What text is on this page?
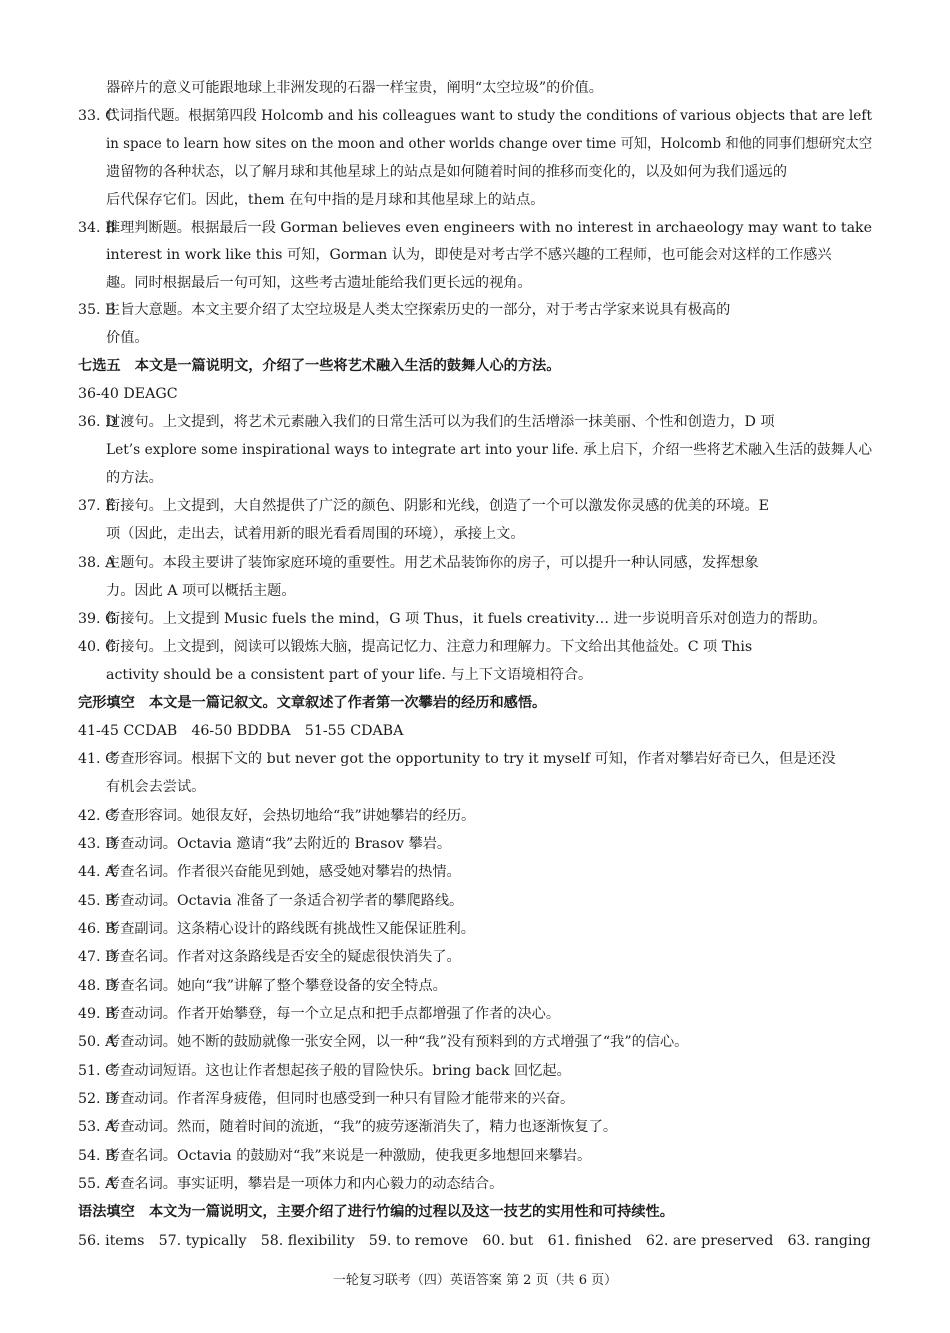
器碎片的意义可能跟地球上非洲发现的石器一样宝贵，阐明“太空垃圾”的价值。
33. C
代词指代题。根据第四段 Holcomb and his colleagues want to study the conditions of various objects that are left
in space to learn how sites on the moon and other worlds change over time 可知，Holcomb 和他的同事们想研究太空
遗留物的各种状态，以了解月球和其他星球上的站点是如何随着时间的推移而变化的，以及如何为我们遥远的
后代保存它们。因此，them 在句中指的是月球和其他星球上的站点。
34. B
推理判断题。根据最后一段 Gorman believes even engineers with no interest in archaeology may want to take
interest in work like this 可知，Gorman 认为，即使是对考古学不感兴趣的工程师，也可能会对这样的工作感兴
趣。同时根据最后一句可知，这些考古遗址能给我们更长远的视角。
35. B
主旨大意题。本文主要介绍了太空垃圾是人类太空探索历史的一部分，对于考古学家来说具有极高的
价值。
七选五　本文是一篇说明文，介绍了一些将艺术融入生活的鼓舞人心的方法。
36-40 DEAGC
36. D
过渡句。上文提到，将艺术元素融入我们的日常生活可以为我们的生活增添一抹美丽、个性和创造力，D 项
Let’s explore some inspirational ways to integrate art into your life. 承上启下，介绍一些将艺术融入生活的鼓舞人心
的方法。
37. E
衔接句。上文提到，大自然提供了广泛的颜色、阴影和光线，创造了一个可以激发你灵感的优美的环境。E
项（因此，走出去，试着用新的眼光看看周围的环境），承接上文。
38. A
主题句。本段主要讲了装饰家庭环境的重要性。用艺术品装饰你的房子，可以提升一种认同感，发挥想象
力。因此 A 项可以概括主题。
39. G
衔接句。上文提到 Music fuels the mind，G 项 Thus，it fuels creativity… 进一步说明音乐对创造力的帮助。
40. C
衔接句。上文提到，阅读可以锻炼大脑，提高记忆力、注意力和理解力。下文给出其他益处。C 项 This
activity should be a consistent part of your life. 与上下文语境相符合。
完形填空　本文是一篇记叙文。文章叙述了作者第一次攀岩的经历和感悟。
41-45 CCDAB　46-50 BDDBA　51-55 CDABA
41. C
考查形容词。根据下文的 but never got the opportunity to try it myself 可知，作者对攀岩好奇已久，但是还没
有机会去尝试。
42. C
考查形容词。她很友好，会热切地给“我”讲她攀岩的经历。
43. D
考查动词。Octavia 邀请“我”去附近的 Brasov 攀岩。
44. A
考查名词。作者很兴奋能见到她，感受她对攀岩的热情。
45. B
考查动词。Octavia 准备了一条适合初学者的攀爬路线。
46. B
考查副词。这条精心设计的路线既有挑战性又能保证胜利。
47. D
考查名词。作者对这条路线是否安全的疑虑很快消失了。
48. D
考查名词。她向“我”讲解了整个攀登设备的安全特点。
49. B
考查动词。作者开始攀登，每一个立足点和把手点都增强了作者的决心。
50. A
考查动词。她不断的鼓励就像一张安全网，以一种“我”没有预料到的方式增强了“我”的信心。
51. C
考查动词短语。这也让作者想起孩子般的冒险快乐。bring back 回忆起。
52. D
考查动词。作者浑身疲倦，但同时也感受到一种只有冒险才能带来的兴奋。
53. A
考查动词。然而，随着时间的流逝，“我”的疲劳逐渐消失了，精力也逐渐恢复了。
54. B
考查名词。Octavia 的鼓励对“我”来说是一种激励，使我更多地想回来攀岩。
55. A
考查名词。事实证明，攀岩是一项体力和内心毅力的动态结合。
语法填空　本文为一篇说明文，主要介绍了进行竹编的过程以及这一技艺的实用性和可持续性。
56. items　57. typically　58. flexibility　59. to remove　60. but　61. finished　62. are preserved　63. ranging
一轮复习联考（四）英语答案 第 2 页（共 6 页）
